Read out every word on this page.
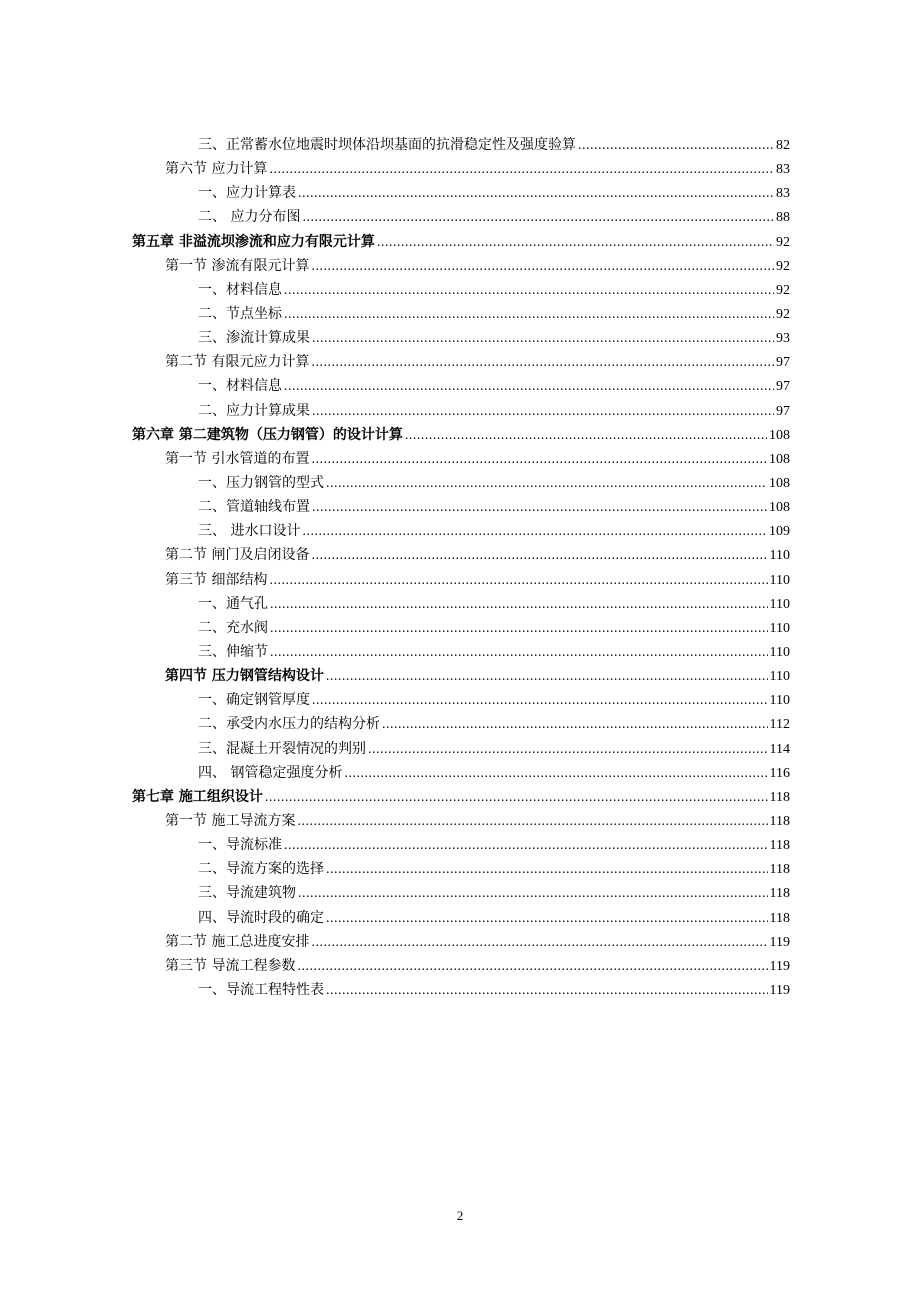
三、正常蓄水位地震时坝体沿坝基面的抗滑稳定性及强度验算 .....	82
第六节 应力计算 .....	83
一、应力计算表 .....	83
二、 应力分布图 .....	88
第五章 非溢流坝渗流和应力有限元计算 .....	92
第一节 渗流有限元计算 .....	92
一、材料信息 .....	92
二、节点坐标 .....	92
三、渗流计算成果 .....	93
第二节 有限元应力计算 .....	97
一、材料信息 .....	97
二、应力计算成果 .....	97
第六章 第二建筑物（压力钢管）的设计计算 .....	108
第一节 引水管道的布置 .....	108
一、压力钢管的型式 .....	108
二、管道轴线布置 .....	108
三、 进水口设计 .....	109
第二节 闸门及启闭设备 .....	110
第三节 细部结构 .....	110
一、通气孔 .....	110
二、充水阀 .....	110
三、伸缩节 .....	110
第四节 压力钢管结构设计 .....	110
一、确定钢管厚度 .....	110
二、承受内水压力的结构分析 .....	112
三、混凝土开裂情况的判别 .....	114
四、 钢管稳定强度分析 .....	116
第七章 施工组织设计 .....	118
第一节 施工导流方案 .....	118
一、导流标准 .....	118
二、导流方案的选择 .....	118
三、导流建筑物 .....	118
四、导流时段的确定 .....	118
第二节 施工总进度安排 .....	119
第三节 导流工程参数 .....	119
一、导流工程特性表 .....	119
2
